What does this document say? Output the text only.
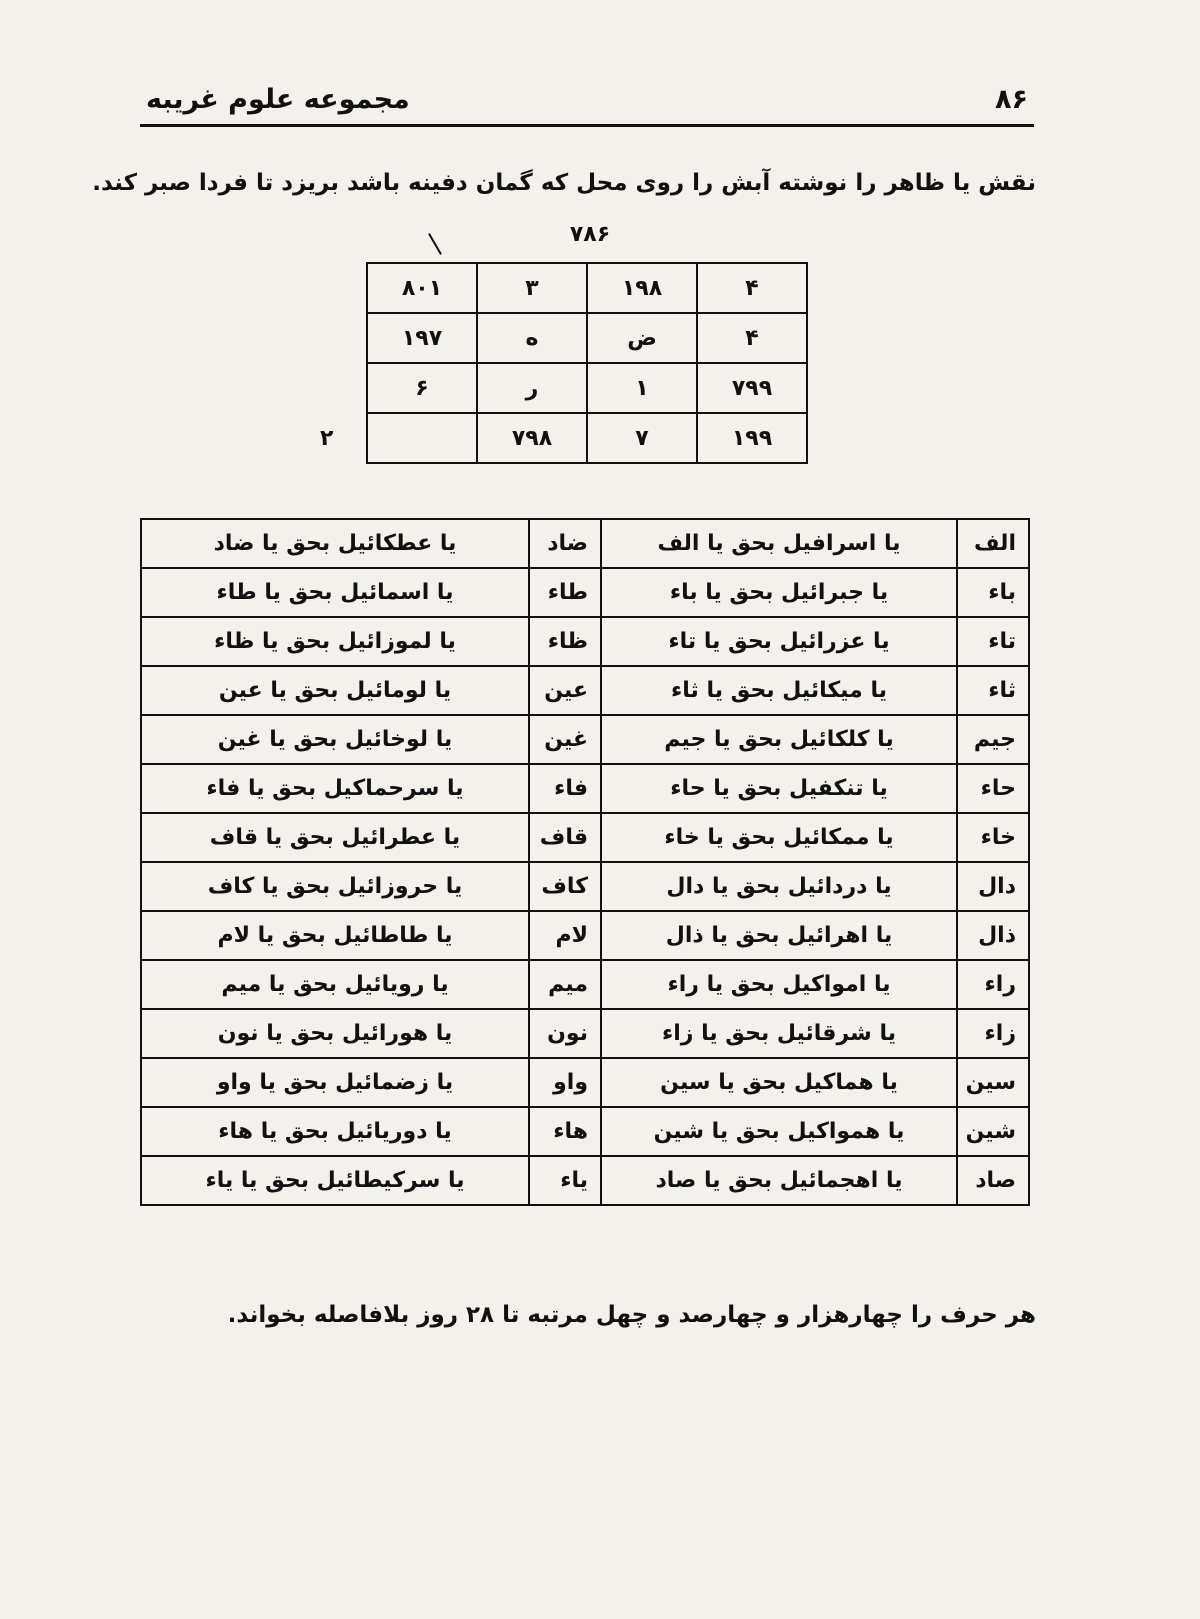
مجموعه علوم غریبه	۸۶
نقش یا ظاهر را نوشته آبش را روی محل که گمان دفینه باشد بریزد تا فردا صبر کند.
۷۸۶
۲
۴	۱۹۸	۳	۸۰۱
۴	ض	ه	۱۹۷
۷۹۹	۱	ر	۶
۱۹۹	۷	۷۹۸	
الف	یا اسرافیل بحق یا الف	ضاد	یا عطکائیل بحق یا ضاد
باء	یا جبرائیل بحق یا باء	طاء	یا اسمائیل بحق یا طاء
تاء	یا عزرائیل بحق یا تاء	ظاء	یا لموزائیل بحق یا ظاء
ثاء	یا میکائیل بحق یا ثاء	عین	یا لومائیل بحق یا عین
جیم	یا کلکائیل بحق یا جیم	غین	یا لوخائیل بحق یا غین
حاء	یا تنکفیل بحق یا حاء	فاء	یا سرحماکیل بحق یا فاء
خاء	یا ممکائیل بحق یا خاء	قاف	یا عطرائیل بحق یا قاف
دال	یا دردائیل بحق یا دال	کاف	یا حروزائیل بحق یا کاف
ذال	یا اهرائیل بحق یا ذال	لام	یا طاطائیل بحق یا لام
راء	یا امواکیل بحق یا راء	میم	یا رویائیل بحق یا میم
زاء	یا شرقائیل بحق یا زاء	نون	یا هورائیل بحق یا نون
سین	یا هماکیل بحق یا سین	واو	یا زضمائیل بحق یا واو
شین	یا همواکیل بحق یا شین	هاء	یا دوریائیل بحق یا هاء
صاد	یا اهجمائیل بحق یا صاد	یاء	یا سرکیطائیل بحق یا یاء
هر حرف را چهارهزار و چهارصد و چهل مرتبه تا ۲۸ روز بلافاصله بخواند.
